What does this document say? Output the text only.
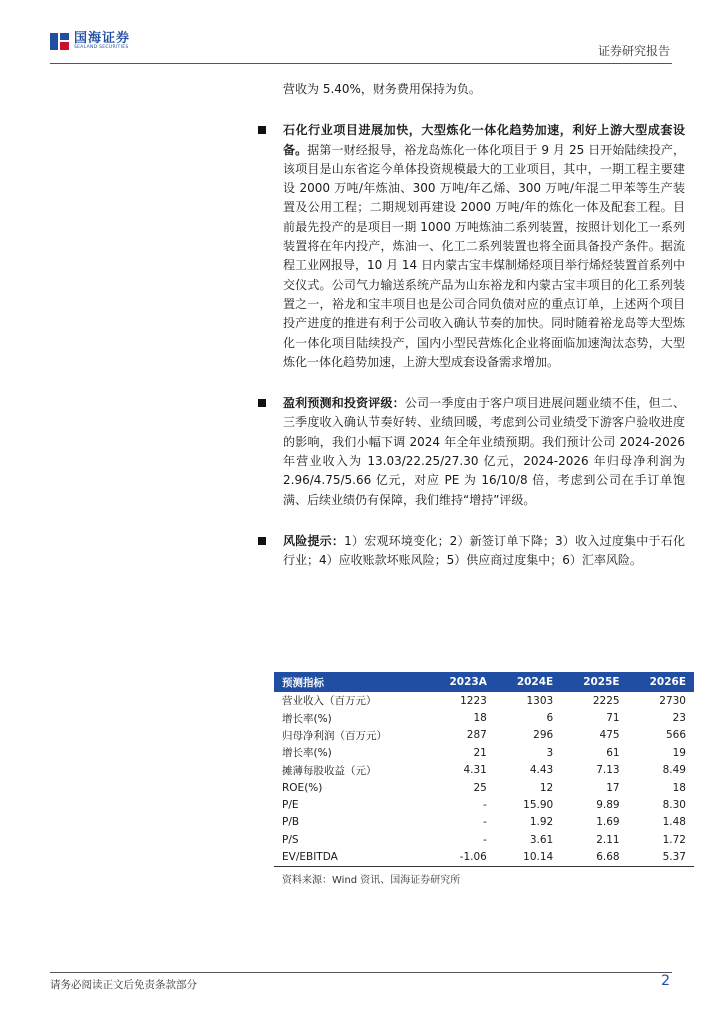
国海证券
SEALAND SECURITIES	证券研究报告

营收为 5.40%，财务费用保持为负。

石化行业项目进展加快，大型炼化一体化趋势加速，利好上游大型成套设备。据第一财经报导，裕龙岛炼化一体化项目于 9 月 25 日开始陆续投产，该项目是山东省迄今单体投资规模最大的工业项目，其中，一期工程主要建设 2000 万吨/年炼油、300 万吨/年乙烯、300 万吨/年混二甲苯等生产装置及公用工程；二期规划再建设 2000 万吨/年的炼化一体及配套工程。目前最先投产的是项目一期 1000 万吨炼油二系列装置，按照计划化工一系列装置将在年内投产，炼油一、化工二系列装置也将全面具备投产条件。据流程工业网报导，10 月 14 日内蒙古宝丰煤制烯烃项目举行烯烃装置首系列中交仪式。公司气力输送系统产品为山东裕龙和内蒙古宝丰项目的化工系列装置之一，裕龙和宝丰项目也是公司合同负债对应的重点订单，上述两个项目投产进度的推进有利于公司收入确认节奏的加快。同时随着裕龙岛等大型炼化一体化项目陆续投产，国内小型民营炼化企业将面临加速淘汰态势，大型炼化一体化趋势加速，上游大型成套设备需求增加。

盈利预测和投资评级：公司一季度由于客户项目进展问题业绩不佳，但二、三季度收入确认节奏好转、业绩回暖，考虑到公司业绩受下游客户验收进度的影响，我们小幅下调 2024 年全年业绩预期。我们预计公司 2024-2026 年营业收入为 13.03/22.25/27.30 亿元，2024-2026 年归母净利润为 2.96/4.75/5.66 亿元，对应 PE 为 16/10/8 倍，考虑到公司在手订单饱满、后续业绩仍有保障，我们维持“增持”评级。

风险提示：1）宏观环境变化；2）新签订单下降；3）收入过度集中于石化行业；4）应收账款坏账风险；5）供应商过度集中；6）汇率风险。

预测指标	2023A	2024E	2025E	2026E
营业收入（百万元）	1223	1303	2225	2730
增长率(%)	18	6	71	23
归母净利润（百万元）	287	296	475	566
增长率(%)	21	3	61	19
摊薄每股收益（元）	4.31	4.43	7.13	8.49
ROE(%)	25	12	17	18
P/E	-	15.90	9.89	8.30
P/B	-	1.92	1.69	1.48
P/S	-	3.61	2.11	1.72
EV/EBITDA	-1.06	10.14	6.68	5.37
资料来源：Wind 资讯、国海证券研究所
请务必阅读正文后免责条款部分	2
